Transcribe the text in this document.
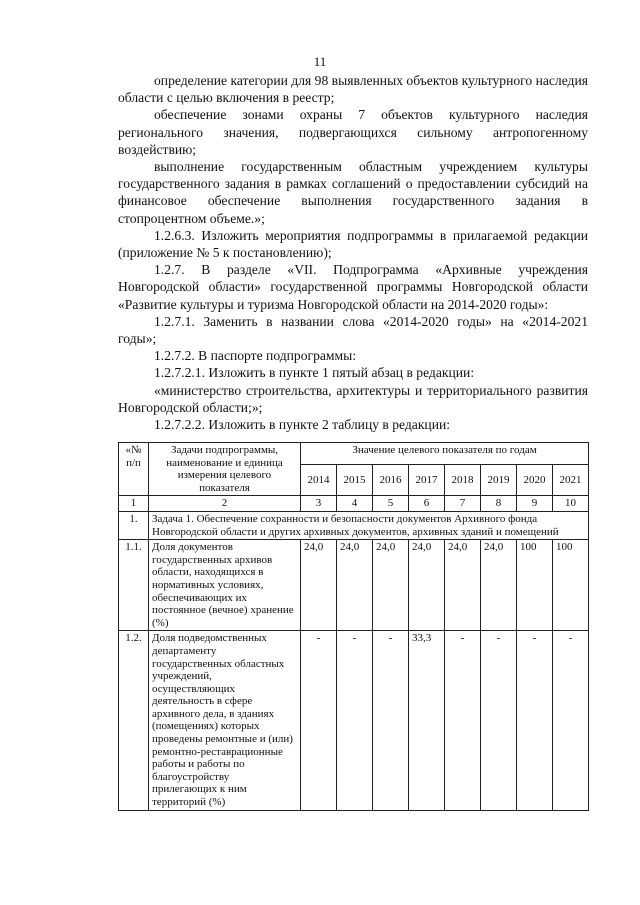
11

определение категории для 98 выявленных объектов культурного наследия области с целью включения в реестр;

обеспечение зонами охраны 7 объектов культурного наследия регионального значения, подвергающихся сильному антропогенному воздействию;

выполнение государственным областным учреждением культуры государственного задания в рамках соглашений о предоставлении субсидий на финансовое обеспечение выполнения государственного задания в стопроцентном объеме.»;

1.2.6.3. Изложить мероприятия подпрограммы в прилагаемой редакции (приложение № 5 к постановлению);

1.2.7. В разделе «VII. Подпрограмма «Архивные учреждения Новгородской области» государственной программы Новгородской области «Развитие культуры и туризма Новгородской области на 2014-2020 годы»:

1.2.7.1. Заменить в названии слова «2014-2020 годы» на «2014-2021 годы»;

1.2.7.2. В паспорте подпрограммы:

1.2.7.2.1. Изложить в пункте 1 пятый абзац в редакции:

«министерство строительства, архитектуры и территориального развития Новгородской области;»;

1.2.7.2.2. Изложить в пункте 2 таблицу в редакции:

«№ п/п	Задачи подпрограммы, наименование и единица измерения целевого показателя	Значение целевого показателя по годам							
		2014	2015	2016	2017	2018	2019	2020	2021
1	2	3	4	5	6	7	8	9	10
1.	Задача 1. Обеспечение сохранности и безопасности документов Архивного фонда Новгородской области и других архивных документов, архивных зданий и помещений								
1.1.	Доля документов государственных архивов области, находящихся в нормативных условиях, обеспечивающих их постоянное (вечное) хранение (%)	24,0	24,0	24,0	24,0	24,0	24,0	100	100
1.2.	Доля подведомственных департаменту государственных областных учреждений, осуществляющих деятельность в сфере архивного дела, в зданиях (помещениях) которых проведены ремонтные и (или) ремонтно-реставрационные работы и работы по благоустройству прилегающих к ним территорий (%)	-	-	-	33,3	-	-	-	-
